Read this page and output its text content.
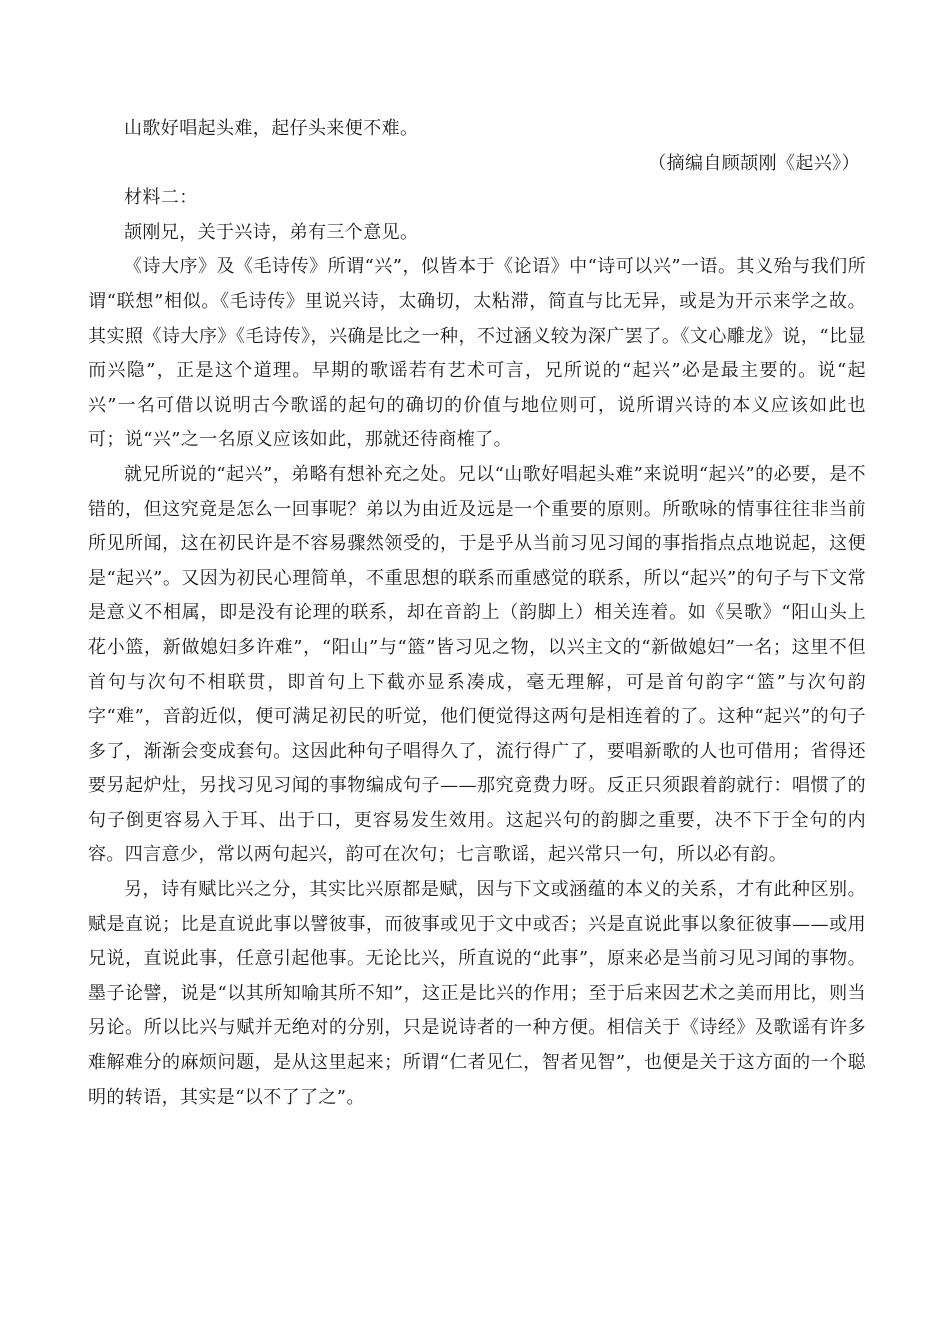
山歌好唱起头难，起仔头来便不难。

（摘编自顾颉刚《起兴》）

材料二：

颉刚兄，关于兴诗，弟有三个意见。

《诗大序》及《毛诗传》所谓“兴”，似皆本于《论语》中“诗可以兴”一语。其义殆与我们所谓“联想”相似。《毛诗传》里说兴诗，太确切，太粘滞，简直与比无异，或是为开示来学之故。其实照《诗大序》《毛诗传》，兴确是比之一种，不过涵义较为深广罢了。《文心雕龙》说，“比显而兴隐”，正是这个道理。早期的歌谣若有艺术可言，兄所说的“起兴”必是最主要的。说“起兴”一名可借以说明古今歌谣的起句的确切的价值与地位则可，说所谓兴诗的本义应该如此也可；说“兴”之一名原义应该如此，那就还待商榷了。

就兄所说的“起兴”，弟略有想补充之处。兄以“山歌好唱起头难”来说明“起兴”的必要，是不错的，但这究竟是怎么一回事呢？弟以为由近及远是一个重要的原则。所歌咏的情事往往非当前所见所闻，这在初民许是不容易骤然领受的，于是乎从当前习见习闻的事指指点点地说起，这便是“起兴”。又因为初民心理简单，不重思想的联系而重感觉的联系，所以“起兴”的句子与下文常是意义不相属，即是没有论理的联系，却在音韵上（韵脚上）相关连着。如《吴歌》“阳山头上花小篮，新做媳妇多许难”，“阳山”与“篮”皆习见之物，以兴主文的“新做媳妇”一名；这里不但首句与次句不相联贯，即首句上下截亦显系凑成，毫无理解，可是首句韵字“篮”与次句韵字“难”，音韵近似，便可满足初民的听觉，他们便觉得这两句是相连着的了。这种“起兴”的句子多了，渐渐会变成套句。这因此种句子唱得久了，流行得广了，要唱新歌的人也可借用；省得还要另起炉灶，另找习见习闻的事物编成句子——那究竟费力呀。反正只须跟着韵就行：唱惯了的句子倒更容易入于耳、出于口，更容易发生效用。这起兴句的韵脚之重要，决不下于全句的内容。四言意少，常以两句起兴，韵可在次句；七言歌谣，起兴常只一句，所以必有韵。

另，诗有赋比兴之分，其实比兴原都是赋，因与下文或涵蕴的本义的关系，才有此种区别。赋是直说；比是直说此事以譬彼事，而彼事或见于文中或否；兴是直说此事以象征彼事——或用兄说，直说此事，任意引起他事。无论比兴，所直说的“此事”，原来必是当前习见习闻的事物。墨子论譬，说是“以其所知喻其所不知”，这正是比兴的作用；至于后来因艺术之美而用比，则当另论。所以比兴与赋并无绝对的分别，只是说诗者的一种方便。相信关于《诗经》及歌谣有许多难解难分的麻烦问题，是从这里起来；所谓“仁者见仁，智者见智”，也便是关于这方面的一个聪明的转语，其实是“以不了了之”。
